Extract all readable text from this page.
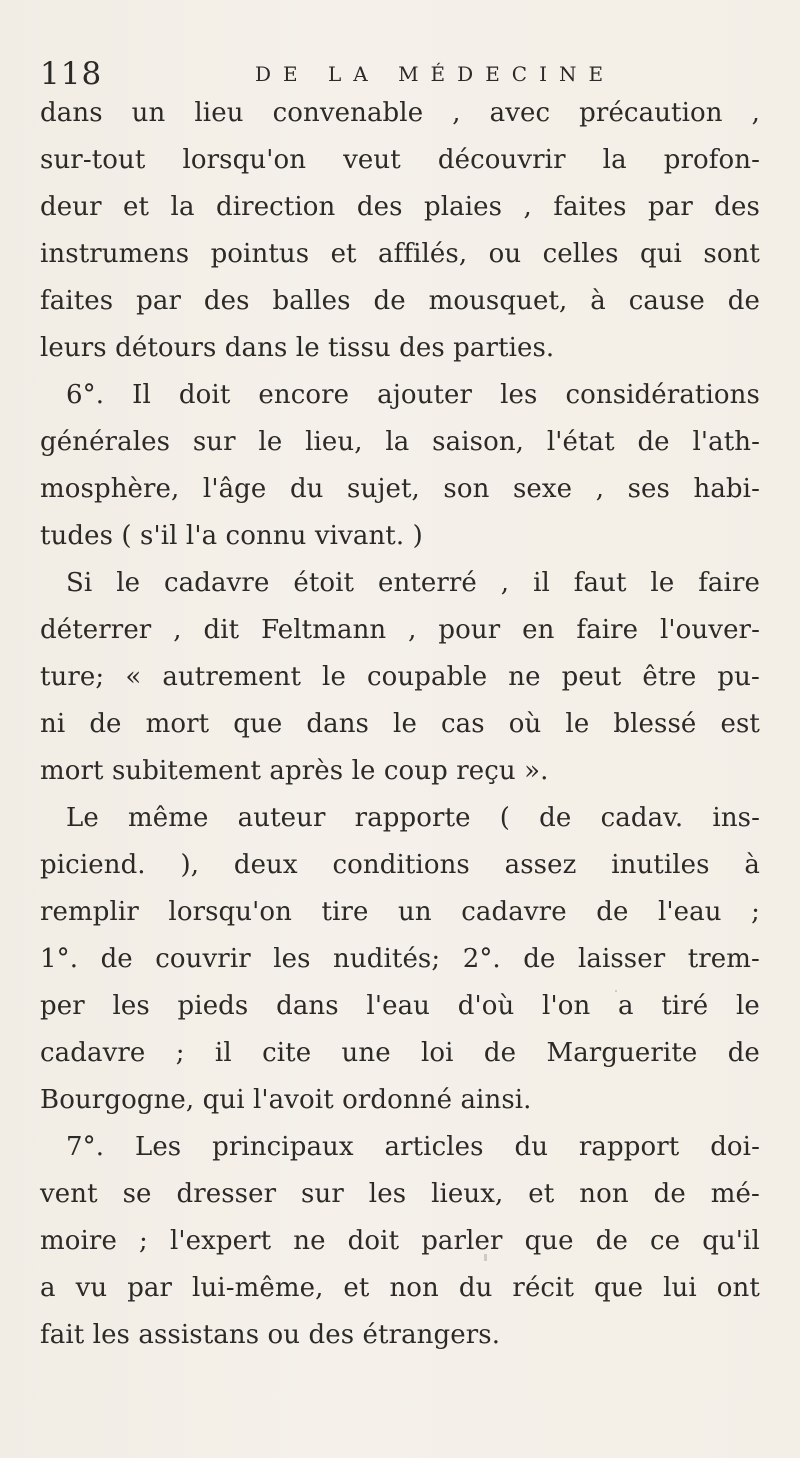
118	DE LA MÉDECINE
dans un lieu convenable , avec précaution ,
sur-tout lorsqu'on veut découvrir la profon-
deur et la direction des plaies , faites par des
instrumens pointus et affilés, ou celles qui sont
faites par des balles de mousquet, à cause de
leurs détours dans le tissu des parties.
6°. Il doit encore ajouter les considérations
générales sur le lieu, la saison, l'état de l'ath-
mosphère, l'âge du sujet, son sexe , ses habi-
tudes ( s'il l'a connu vivant. )
Si le cadavre étoit enterré , il faut le faire
déterrer , dit Feltmann , pour en faire l'ouver-
ture; « autrement le coupable ne peut être pu-
ni de mort que dans le cas où le blessé est
mort subitement après le coup reçu ».
Le même auteur rapporte ( de cadav. ins-
piciend. ), deux conditions assez inutiles à
remplir lorsqu'on tire un cadavre de l'eau ;
1°. de couvrir les nudités; 2°. de laisser trem-
per les pieds dans l'eau d'où l'on a tiré le
cadavre ; il cite une loi de Marguerite de
Bourgogne, qui l'avoit ordonné ainsi.
7°. Les principaux articles du rapport doi-
vent se dresser sur les lieux, et non de mé-
moire ; l'expert ne doit parler que de ce qu'il
a vu par lui-même, et non du récit que lui ont
fait les assistans ou des étrangers.
